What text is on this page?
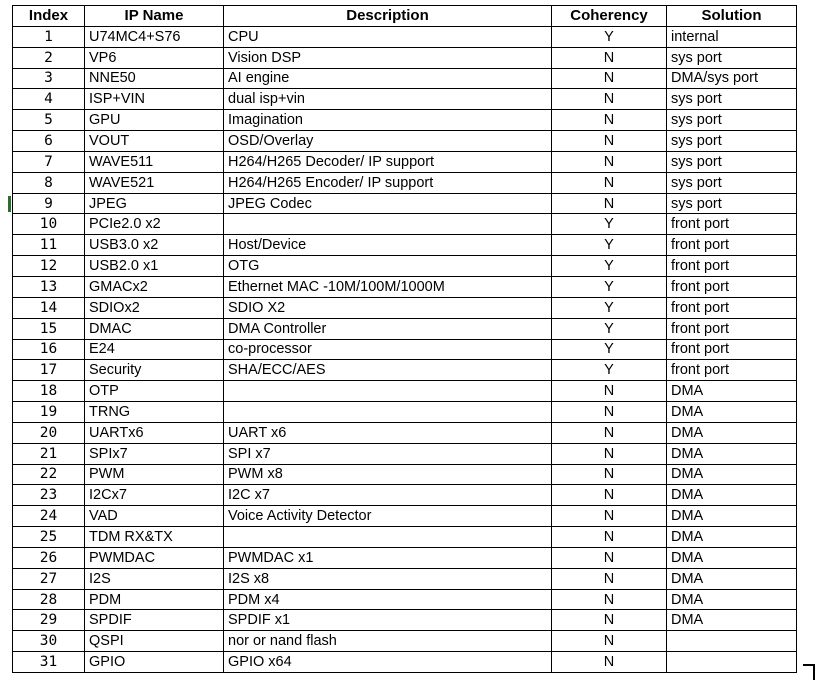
Index	IP Name	Description	Coherency	Solution
1	U74MC4+S76	CPU	Y	internal
2	VP6	Vision DSP	N	sys port
3	NNE50	AI engine	N	DMA/sys port
4	ISP+VIN	dual isp+vin	N	sys port
5	GPU	Imagination	N	sys port
6	VOUT	OSD/Overlay	N	sys port
7	WAVE511	H264/H265 Decoder/ IP support	N	sys port
8	WAVE521	H264/H265 Encoder/ IP support	N	sys port
9	JPEG	JPEG Codec	N	sys port
10	PCIe2.0 x2		Y	front port
11	USB3.0 x2	Host/Device	Y	front port
12	USB2.0 x1	OTG	Y	front port
13	GMACx2	Ethernet MAC -10M/100M/1000M	Y	front port
14	SDIOx2	SDIO X2	Y	front port
15	DMAC	DMA Controller	Y	front port
16	E24	co-processor	Y	front port
17	Security	SHA/ECC/AES	Y	front port
18	OTP		N	DMA
19	TRNG		N	DMA
20	UARTx6	UART x6	N	DMA
21	SPIx7	SPI x7	N	DMA
22	PWM	PWM x8	N	DMA
23	I2Cx7	I2C x7	N	DMA
24	VAD	Voice Activity Detector	N	DMA
25	TDM RX&TX		N	DMA
26	PWMDAC	PWMDAC x1	N	DMA
27	I2S	I2S x8	N	DMA
28	PDM	PDM x4	N	DMA
29	SPDIF	SPDIF x1	N	DMA
30	QSPI	nor or nand flash	N	
31	GPIO	GPIO x64	N	
